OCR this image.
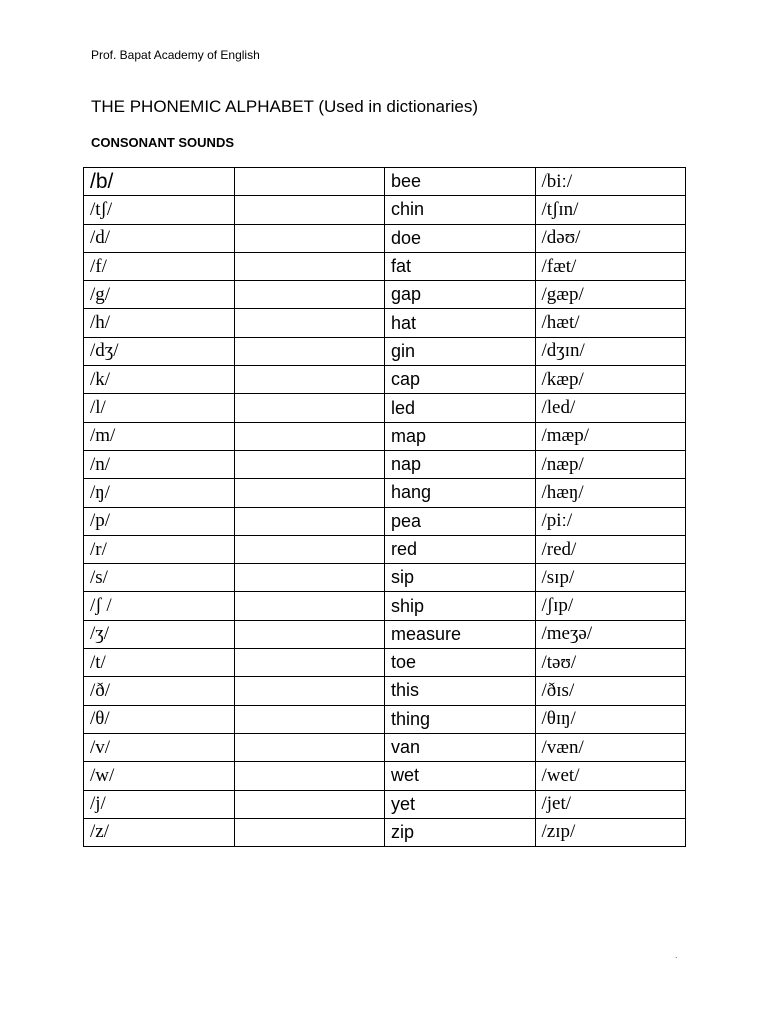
Prof. Bapat Academy of English
THE PHONEMIC ALPHABET (Used in dictionaries)
CONSONANT SOUNDS
/b/		bee	/biː/
/tʃ/		chin	/tʃɪn/
/d/		doe	/dəʊ/
/f/		fat	/fæt/
/g/		gap	/gæp/
/h/		hat	/hæt/
/dʒ/		gin	/dʒɪn/
/k/		cap	/kæp/
/l/		led	/led/
/m/		map	/mæp/
/n/		nap	/næp/
/ŋ/		hang	/hæŋ/
/p/		pea	/piː/
/r/		red	/red/
/s/		sip	/sɪp/
/ʃ /		ship	/ʃɪp/
/ʒ/		measure	/meʒə/
/t/		toe	/təʊ/
/ð/		this	/ðɪs/
/θ/		thing	/θɪŋ/
/v/		van	/væn/
/w/		wet	/wet/
/j/		yet	/jet/
/z/		zip	/zɪp/
.
